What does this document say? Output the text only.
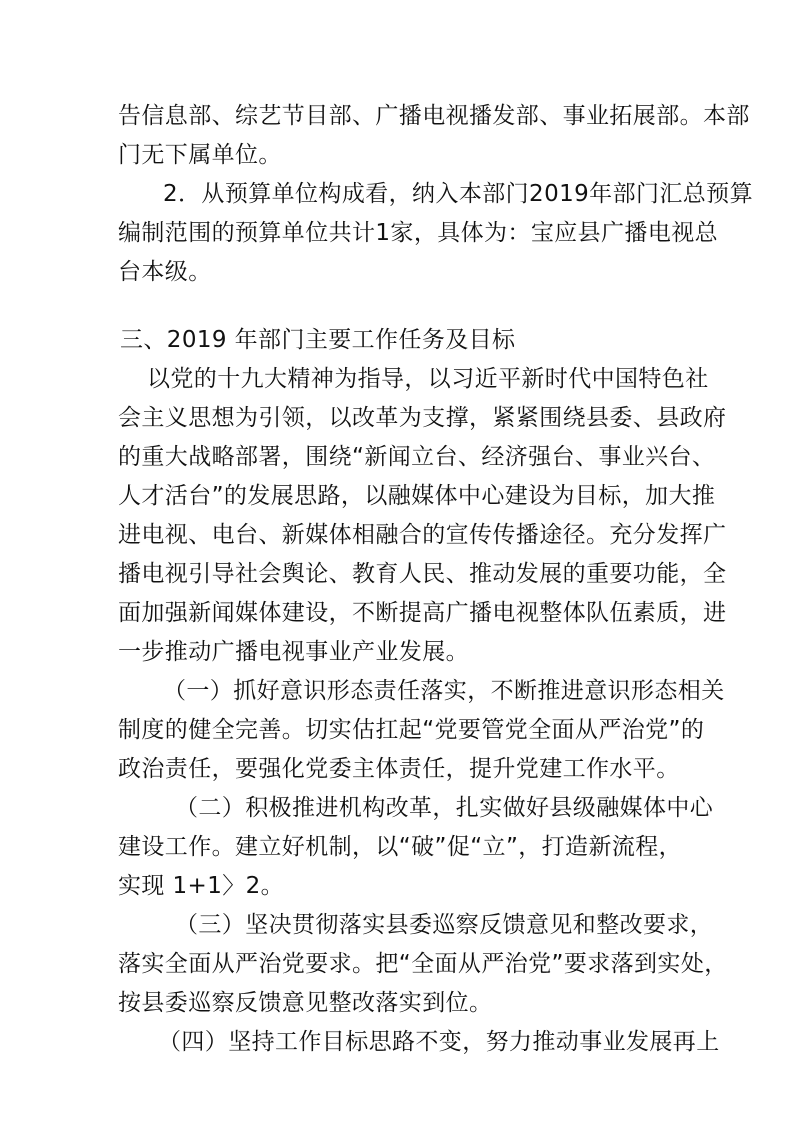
告信息部、综艺节目部、广播电视播发部、事业拓展部。本部
门无下属单位。
2．从预算单位构成看，纳入本部门2019年部门汇总预算
编制范围的预算单位共计1家，具体为：宝应县广播电视总
台本级。
三、2019 年部门主要工作任务及目标
以党的十九大精神为指导，以习近平新时代中国特色社
会主义思想为引领，以改革为支撑，紧紧围绕县委、县政府
的重大战略部署，围绕“新闻立台、经济强台、事业兴台、
人才活台”的发展思路，以融媒体中心建设为目标，加大推
进电视、电台、新媒体相融合的宣传传播途径。充分发挥广
播电视引导社会舆论、教育人民、推动发展的重要功能，全
面加强新闻媒体建设，不断提高广播电视整体队伍素质，进
一步推动广播电视事业产业发展。
（一）抓好意识形态责任落实，不断推进意识形态相关
制度的健全完善。切实估扛起“党要管党全面从严治党”的
政治责任，要强化党委主体责任，提升党建工作水平。
（二）积极推进机构改革，扎实做好县级融媒体中心
建设工作。建立好机制，以“破”促“立”，打造新流程，
实现 1+1〉2。
（三）坚决贯彻落实县委巡察反馈意见和整改要求，
落实全面从严治党要求。把“全面从严治党”要求落到实处，
按县委巡察反馈意见整改落实到位。
（四）坚持工作目标思路不变，努力推动事业发展再上
